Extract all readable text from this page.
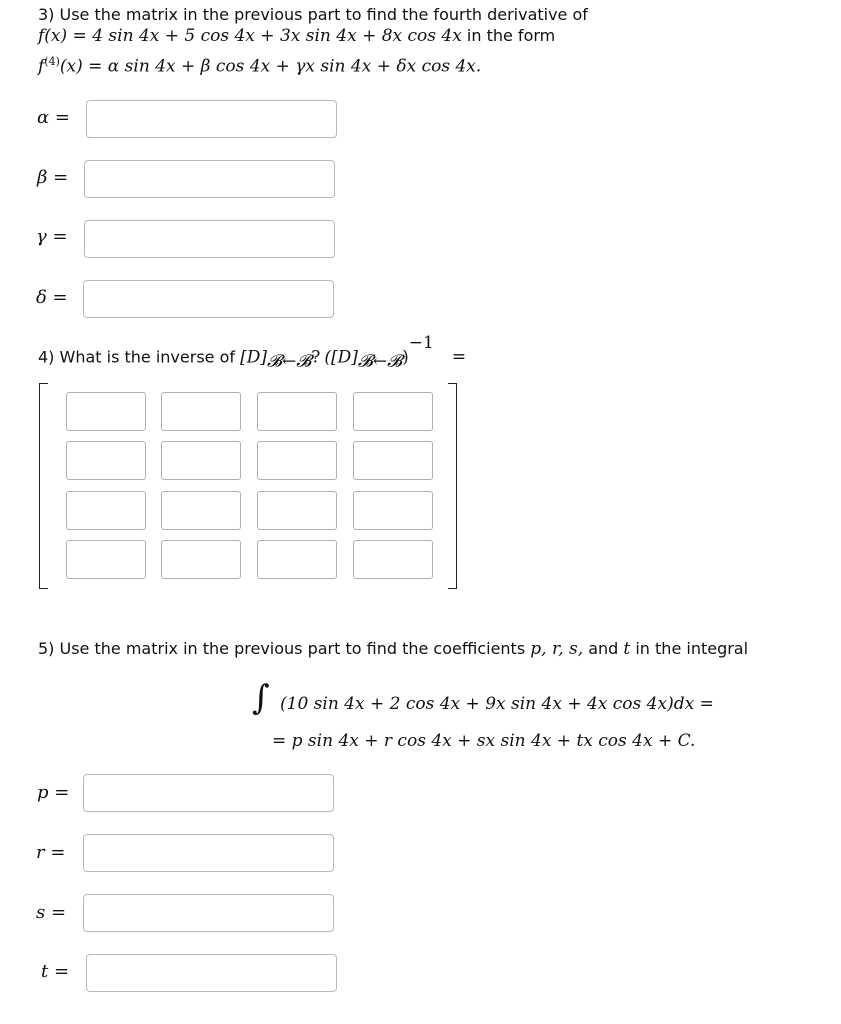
3) Use the matrix in the previous part to find the fourth derivative of
f(x) = 4 sin 4x + 5 cos 4x + 3x sin 4x + 8x cos 4x in the form
$f^{(4)}(x) = \alpha$ sin 4x + β cos 4x + γx sin 4x + δx cos 4x.
α =
β =
γ =
δ =
4) What is the inverse of $[D]_{𝓑\leftarrow 𝓑}$? $([D]_{𝓑\leftarrow 𝓑})^{-1}$ =
5) Use the matrix in the previous part to find the coefficients p, r, s, and t in the integral
∫ (10 sin 4x + 2 cos 4x + 9x sin 4x + 4x cos 4x)dx =
= p sin 4x + r cos 4x + sx sin 4x + tx cos 4x + C.
p =
r =
s =
t =
